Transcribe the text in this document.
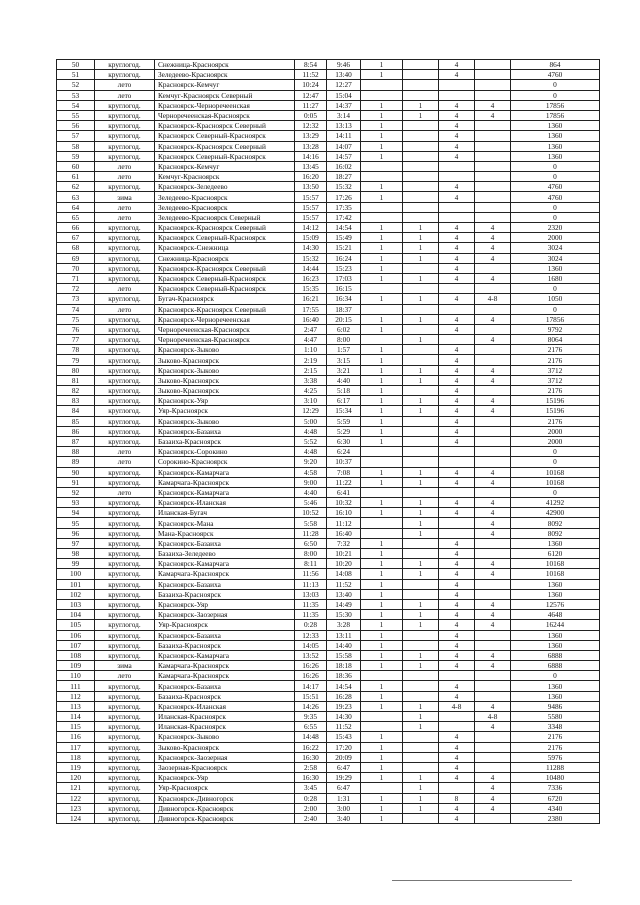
50	круглогод.	Снежница-Красноярск	8:54	9:46	1		4		864
51	круглогод.	Зеледеево-Красноярск	11:52	13:40	1		4		4760
52	лето	Красноярск-Кемчуг	10:24	12:27					0
53	лето	Кемчуг-Красноярск Северный	12:47	15:04					0
54	круглогод.	Красноярск-Черноречеенская	11:27	14:37	1	1	4	4	17856
55	круглогод.	Черноречеенская-Красноярск	0:05	3:14	1	1	4	4	17856
56	круглогод.	Красноярск-Красноярск Северный	12:32	13:13	1		4		1360
57	круглогод.	Красноярск Северный-Красноярск	13:29	14:11	1		4		1360
58	круглогод.	Красноярск-Красноярск Северный	13:28	14:07	1		4		1360
59	круглогод.	Красноярск Северный-Красноярск	14:16	14:57	1		4		1360
60	лето	Красноярск-Кемчуг	13:45	16:02					0
61	лето	Кемчуг-Красноярск	16:20	18:27					0
62	круглогод.	Красноярск-Зеледеево	13:50	15:32	1		4		4760
63	зима	Зеледеево-Красноярск	15:57	17:26	1		4		4760
64	лето	Зеледеево-Красноярск	15:57	17:35					0
65	лето	Зеледеево-Красноярск Северный	15:57	17:42					0
66	круглогод.	Красноярск-Красноярск Северный	14:12	14:54	1	1	4	4	2320
67	круглогод.	Красноярск Северный-Красноярск	15:09	15:49	1	1	4	4	2000
68	круглогод.	Красноярск-Снежница	14:30	15:21	1	1	4	4	3024
69	круглогод.	Снежница-Красноярск	15:32	16:24	1	1	4	4	3024
70	круглогод.	Красноярск-Красноярск Северный	14:44	15:23	1		4		1360
71	круглогод.	Красноярск Северный-Красноярск	16:23	17:03	1	1	4	4	1680
72	лето	Красноярск Северный-Красноярск	15:35	16:15					0
73	круглогод.	Бугач-Красноярск	16:21	16:34	1	1	4	4-8	1050
74	лето	Красноярск-Красноярск Северный	17:55	18:37					0
75	круглогод.	Красноярск-Черноречеенская	16:40	20:15	1	1	4	4	17856
76	круглогод.	Черноречеенская-Красноярск	2:47	6:02	1		4		9792
77	круглогод.	Черноречеенская-Красноярск	4:47	8:00		1		4	8064
78	круглогод.	Красноярск-Зыково	1:10	1:57	1		4		2176
79	круглогод.	Зыково-Красноярск	2:19	3:15	1		4		2176
80	круглогод.	Красноярск-Зыково	2:15	3:21	1	1	4	4	3712
81	круглогод.	Зыково-Красноярск	3:38	4:40	1	1	4	4	3712
82	круглогод.	Зыково-Красноярск	4:25	5:18	1		4		2176
83	круглогод.	Красноярск-Уяр	3:10	6:17	1	1	4	4	15196
84	круглогод.	Уяр-Красноярск	12:29	15:34	1	1	4	4	15196
85	круглогод.	Красноярск-Зыково	5:00	5:59	1		4		2176
86	круглогод.	Красноярск-Базаиха	4:48	5:29	1		4		2000
87	круглогод.	Базаиха-Красноярск	5:52	6:30	1		4		2000
88	лето	Красноярск-Сорокино	4:48	6:24					0
89	лето	Сорокино-Красноярск	9:20	10:37					0
90	круглогод.	Красноярск-Камарчага	4:58	7:08	1	1	4	4	10168
91	круглогод.	Камарчага-Красноярск	9:00	11:22	1	1	4	4	10168
92	лето	Красноярск-Камарчага	4:40	6:41					0
93	круглогод.	Красноярск-Иланская	5:46	10:32	1	1	4	4	41292
94	круглогод.	Иланская-Бугач	10:52	16:10	1	1	4	4	42900
95	круглогод.	Красноярск-Мана	5:58	11:12		1		4	8092
96	круглогод.	Мана-Красноярск	11:28	16:40		1		4	8092
97	круглогод.	Красноярск-Базаиха	6:50	7:32	1		4		1360
98	круглогод.	Базаиха-Зеледеево	8:00	10:21	1		4		6120
99	круглогод.	Красноярск-Камарчага	8:11	10:20	1	1	4	4	10168
100	круглогод.	Камарчага-Красноярск	11:56	14:08	1	1	4	4	10168
101	круглогод.	Красноярск-Базаиха	11:13	11:52	1		4		1360
102	круглогод.	Базаиха-Красноярск	13:03	13:40	1		4		1360
103	круглогод.	Красноярск-Уяр	11:35	14:49	1	1	4	4	12576
104	круглогод.	Красноярск-Заозерная	11:35	15:30	1	1	4	4	4648
105	круглогод.	Уяр-Красноярск	0:28	3:28	1	1	4	4	16244
106	круглогод.	Красноярск-Базаиха	12:33	13:11	1		4		1360
107	круглогод.	Базаиха-Красноярск	14:05	14:40	1		4		1360
108	круглогод.	Красноярск-Камарчага	13:52	15:58	1	1	4	4	6888
109	зима	Камарчага-Красноярск	16:26	18:18	1	1	4	4	6888
110	лето	Камарчага-Красноярск	16:26	18:36					0
111	круглогод.	Красноярск-Базаиха	14:17	14:54	1		4		1360
112	круглогод.	Базаиха-Красноярск	15:51	16:28	1		4		1360
113	круглогод.	Красноярск-Иланская	14:26	19:23	1	1	4-8	4	9486
114	круглогод.	Иланская-Красноярск	9:35	14:30		1		4-8	5580
115	круглогод.	Иланская-Красноярск	6:55	11:52		1		4	3348
116	круглогод.	Красноярск-Зыково	14:48	15:43	1		4		2176
117	круглогод.	Зыково-Красноярск	16:22	17:20	1		4		2176
118	круглогод.	Красноярск-Заозерная	16:30	20:09	1		4		5976
119	круглогод.	Заозерная-Красноярск	2:58	6:47	1		4		11288
120	круглогод.	Красноярск-Уяр	16:30	19:29	1	1	4	4	10480
121	круглогод.	Уяр-Красноярск	3:45	6:47		1		4	7336
122	круглогод.	Красноярск-Дивногорск	0:28	1:31	1	1	8	4	6720
123	круглогод.	Дивногорск-Красноярск	2:00	3:00	1	1	4	4	4340
124	круглогод.	Дивногорск-Красноярск	2:40	3:40	1		4		2380
